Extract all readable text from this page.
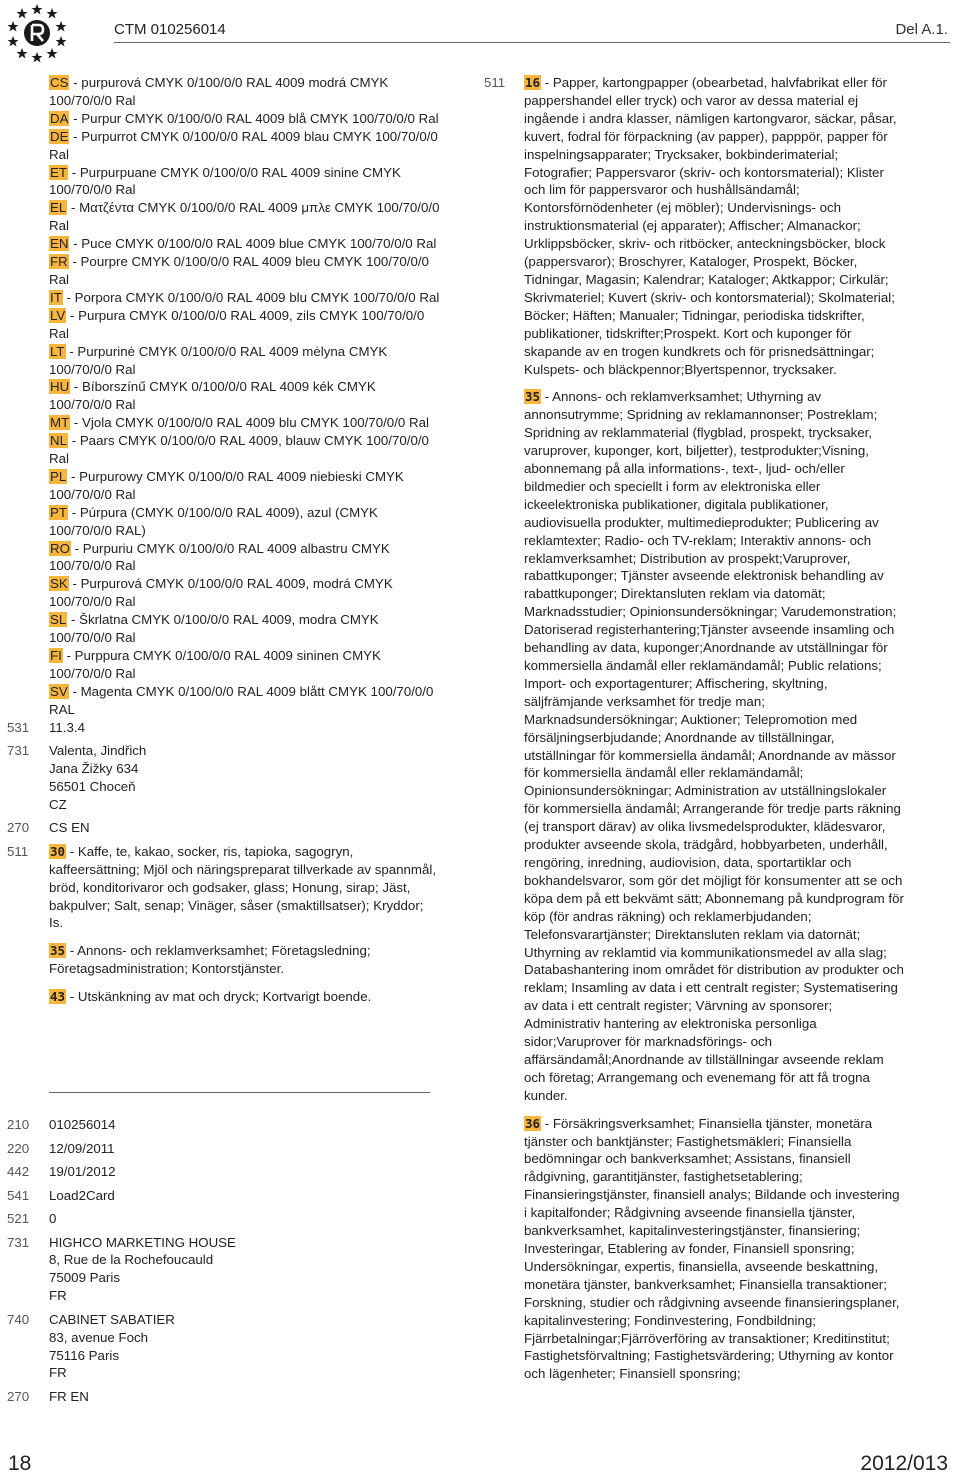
CTM 010256014	Del A.1.
CS - purpurová CMYK 0/100/0/0 RAL 4009 modrá CMYK 100/70/0/0 Ral
DA - Purpur CMYK 0/100/0/0 RAL 4009 blå CMYK 100/70/0/0 Ral
DE - Purpurrot CMYK 0/100/0/0 RAL 4009 blau CMYK 100/70/0/0 Ral
ET - Purpurpuane CMYK 0/100/0/0 RAL 4009 sinine CMYK 100/70/0/0 Ral
EL - Ματζέντα CMYK 0/100/0/0 RAL 4009 μπλε CMYK 100/70/0/0 Ral
EN - Puce CMYK 0/100/0/0 RAL 4009 blue CMYK 100/70/0/0 Ral
FR - Pourpre CMYK 0/100/0/0 RAL 4009 bleu CMYK 100/70/0/0 Ral
IT - Porpora CMYK 0/100/0/0 RAL 4009 blu CMYK 100/70/0/0 Ral
LV - Purpura CMYK 0/100/0/0 RAL 4009, zils CMYK 100/70/0/0 Ral
LT - Purpurinė CMYK 0/100/0/0 RAL 4009 mėlyna CMYK 100/70/0/0 Ral
HU - Bíborszínű CMYK 0/100/0/0 RAL 4009 kék CMYK 100/70/0/0 Ral
MT - Vjola CMYK 0/100/0/0 RAL 4009 blu CMYK 100/70/0/0 Ral
NL - Paars CMYK 0/100/0/0 RAL 4009, blauw CMYK 100/70/0/0 Ral
PL - Purpurowy CMYK 0/100/0/0 RAL 4009 niebieski CMYK 100/70/0/0 Ral
PT - Púrpura (CMYK 0/100/0/0 RAL 4009), azul (CMYK 100/70/0/0 RAL)
RO - Purpuriu CMYK 0/100/0/0 RAL 4009 albastru CMYK 100/70/0/0 Ral
SK - Purpurová CMYK 0/100/0/0 RAL 4009, modrá CMYK 100/70/0/0 Ral
SL - Škrlatna CMYK 0/100/0/0 RAL 4009, modra CMYK 100/70/0/0 Ral
FI - Purppura CMYK 0/100/0/0 RAL 4009 sininen CMYK 100/70/0/0 Ral
SV - Magenta CMYK 0/100/0/0 RAL 4009 blått CMYK 100/70/0/0 RAL
531	11.3.4
731	Valenta, Jindřich
Jana Žižky 634
56501 Choceň
CZ
270	CS EN
511	30 - Kaffe, te, kakao, socker, ris, tapioka, sagogryn, kaffeersättning; Mjöl och näringspreparat tillverkade av spannmål, bröd, konditorivaror och godsaker, glass; Honung, sirap; Jäst, bakpulver; Salt, senap; Vinäger, såser (smaktillsatser); Kryddor; Is.
35 - Annons- och reklamverksamhet; Företagsledning; Företagsadministration; Kontorstjänster.
43 - Utskänkning av mat och dryck; Kortvarigt boende.
210	010256014
220	12/09/2011
442	19/01/2012
541	Load2Card
521	0
731	HIGHCO MARKETING HOUSE
8, Rue de la Rochefoucauld
75009 Paris
FR
740	CABINET SABATIER
83, avenue Foch
75116 Paris
FR
270	FR EN
511	16 - Papper, kartongpapper (obearbetad, halvfabrikat eller för pappershandel eller tryck) och varor av dessa material ej ingående i andra klasser, nämligen kartongvaror, säckar, påsar, kuvert, fodral för förpackning (av papper), pappрör, papper för inspelningsapparater; Trycksaker, bokbinderimaterial; Fotografier; Pappersvaror (skriv- och kontorsmaterial); Klister och lim för pappersvaror och hushållsändamål; Kontorsförnödenheter (ej möbler); Undervisnings- och instruktionsmaterial (ej apparater); Affischer; Almanackor; Urklippsböcker, skriv- och ritböcker, anteckningsböcker, block (pappersvaror); Broschyrer, Kataloger, Prospekt, Böcker, Tidningar, Magasin; Kalendrar; Kataloger; Aktkappor; Cirkulär; Skrivmateriel; Kuvert (skriv- och kontorsmaterial); Skolmaterial; Böcker; Häften; Manualer; Tidningar, periodiska tidskrifter, publikationer, tidskrifter;Prospekt. Kort och kuponger för skapande av en trogen kundkrets och för prisnedsättningar; Kulspets- och bläckpennor;Blyertspennor, trycksaker.
35 - Annons- och reklamverksamhet; Uthyrning av annonsutrymme; Spridning av reklamannonser; Postreklam; Spridning av reklammaterial (flygblad, prospekt, trycksaker, varuprover, kuponger, kort, biljetter), testprodukter;Visning, abonnemang på alla informations-, text-, ljud- och/eller bildmedier och speciellt i form av elektroniska eller ickeelektroniska publikationer, digitala publikationer, audiovisuella produkter, multimedieprodukter; Publicering av reklamtexter; Radio- och TV-reklam; Interaktiv annons- och reklamverksamhet; Distribution av prospekt;Varuprover, rabattkuponger; Tjänster avseende elektronisk behandling av rabattkuponger; Direktansluten reklam via datomät; Marknadsstudier; Opinionsundersökningar; Varudemonstration; Datoriserad registerhantering;Tjänster avseende insamling och behandling av data, kuponger;Anordnande av utställningar för kommersiella ändamål eller reklamändamål; Public relations; Import- och exportagenturer; Affischering, skyltning, säljfrämjande verksamhet för tredje man; Marknadsundersökningar; Auktioner; Telepromotion med försäljningserbjudande; Anordnande av tillställningar, utställningar för kommersiella ändamål; Anordnande av mässor för kommersiella ändamål eller reklamändamål; Opinionsundersökningar; Administration av utställningslokaler för kommersiella ändamål; Arrangerande för tredje parts räkning (ej transport därav) av olika livsmedelsprodukter, klädesvaror, produkter avseende skola, trädgård, hobbyarbeten, underhåll, rengöring, inredning, audiovision, data, sportartiklar och bokhandelsvaror, som gör det möjligt för konsumenter att se och köpa dem på ett bekvämt sätt; Abonnemang på kundprogram för köp (för andras räkning) och reklamerbjudanden; Telefonsvarartjänster; Direktansluten reklam via datornät; Uthyrning av reklamtid via kommunikationsmedel av alla slag; Databashantering inom området för distribution av produkter och reklam; Insamling av data i ett centralt register; Systematisering av data i ett centralt register; Värvning av sponsorer; Administrativ hantering av elektroniska personliga sidor;Varuprover för marknadsförings- och affärsändamål;Anordnande av tillställningar avseende reklam och företag; Arrangemang och evenemang för att få trogna kunder.
36 - Försäkringsverksamhet; Finansiella tjänster, monetära tjänster och banktjänster; Fastighetsmäkleri; Finansiella bedömningar och bankverksamhet; Assistans, finansiell rådgivning, garantitjänster, fastighetsetablering; Finansieringstjänster, finansiell analys; Bildande och investering i kapitalfonder; Rådgivning avseende finansiella tjänster, bankverksamhet, kapitalinvesteringstjänster, finansiering; Investeringar, Etablering av fonder, Finansiell sponsring; Undersökningar, expertis, finansiella, avseende beskattning, monetära tjänster, bankverksamhet; Finansiella transaktioner; Forskning, studier och rådgivning avseende finansieringsplaner, kapitalinvestering; Fondinvestering, Fondbildning; Fjärrbetalningar;Fjärröverföring av transaktioner; Kreditinstitut; Fastighetsförvaltning; Fastighetsvärdering; Uthyrning av kontor och lägenheter; Finansiell sponsring;
18	2012/013
